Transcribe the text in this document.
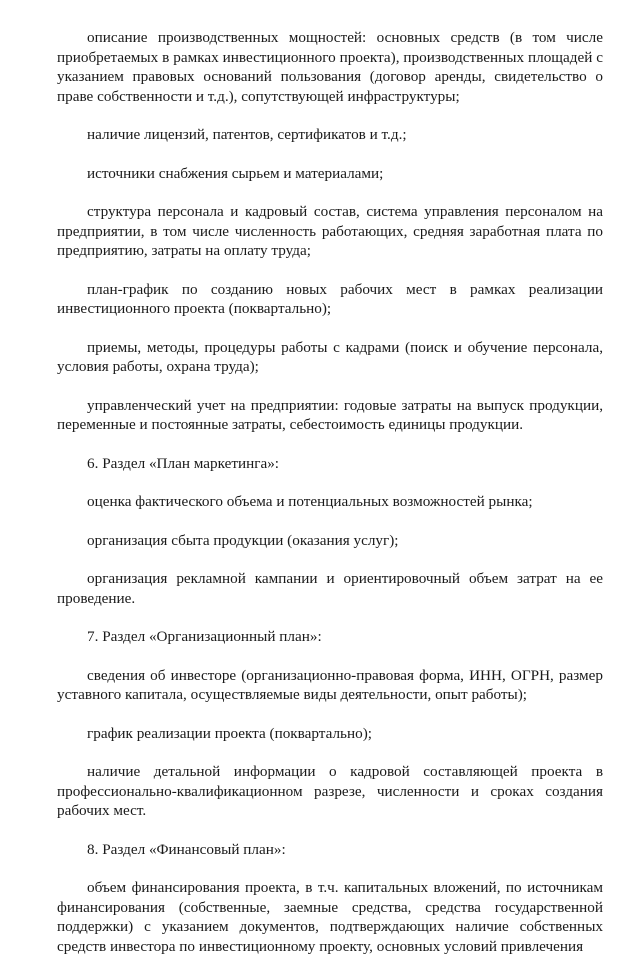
описание производственных мощностей: основных средств (в том числе приобретаемых в рамках инвестиционного проекта), производственных площадей с указанием правовых оснований пользования (договор аренды, свидетельство о праве собственности и т.д.), сопутствующей инфраструктуры;

наличие лицензий, патентов, сертификатов и т.д.;

источники снабжения сырьем и материалами;

структура персонала и кадровый состав, система управления персоналом на предприятии, в том числе численность работающих, средняя заработная плата по предприятию, затраты на оплату труда;

план-график по созданию новых рабочих мест в рамках реализации инвестиционного проекта (поквартально);

приемы, методы, процедуры работы с кадрами (поиск и обучение персонала, условия работы, охрана труда);

управленческий учет на предприятии: годовые затраты на выпуск продукции, переменные и постоянные затраты, себестоимость единицы продукции.

6. Раздел «План маркетинга»:

оценка фактического объема и потенциальных возможностей рынка;

организация сбыта продукции (оказания услуг);

организация рекламной кампании и ориентировочный объем затрат на ее проведение.

7. Раздел «Организационный план»:

сведения об инвесторе (организационно-правовая форма, ИНН, ОГРН, размер уставного капитала, осуществляемые виды деятельности, опыт работы);

график реализации проекта (поквартально);

наличие детальной информации о кадровой составляющей проекта в профессионально-квалификационном разрезе, численности и сроках создания рабочих мест.

8. Раздел «Финансовый план»:

объем финансирования проекта, в т.ч. капитальных вложений, по источникам финансирования (собственные, заемные средства, средства государственной поддержки) с указанием документов, подтверждающих наличие собственных средств инвестора по инвестиционному проекту, основных условий привлечения
